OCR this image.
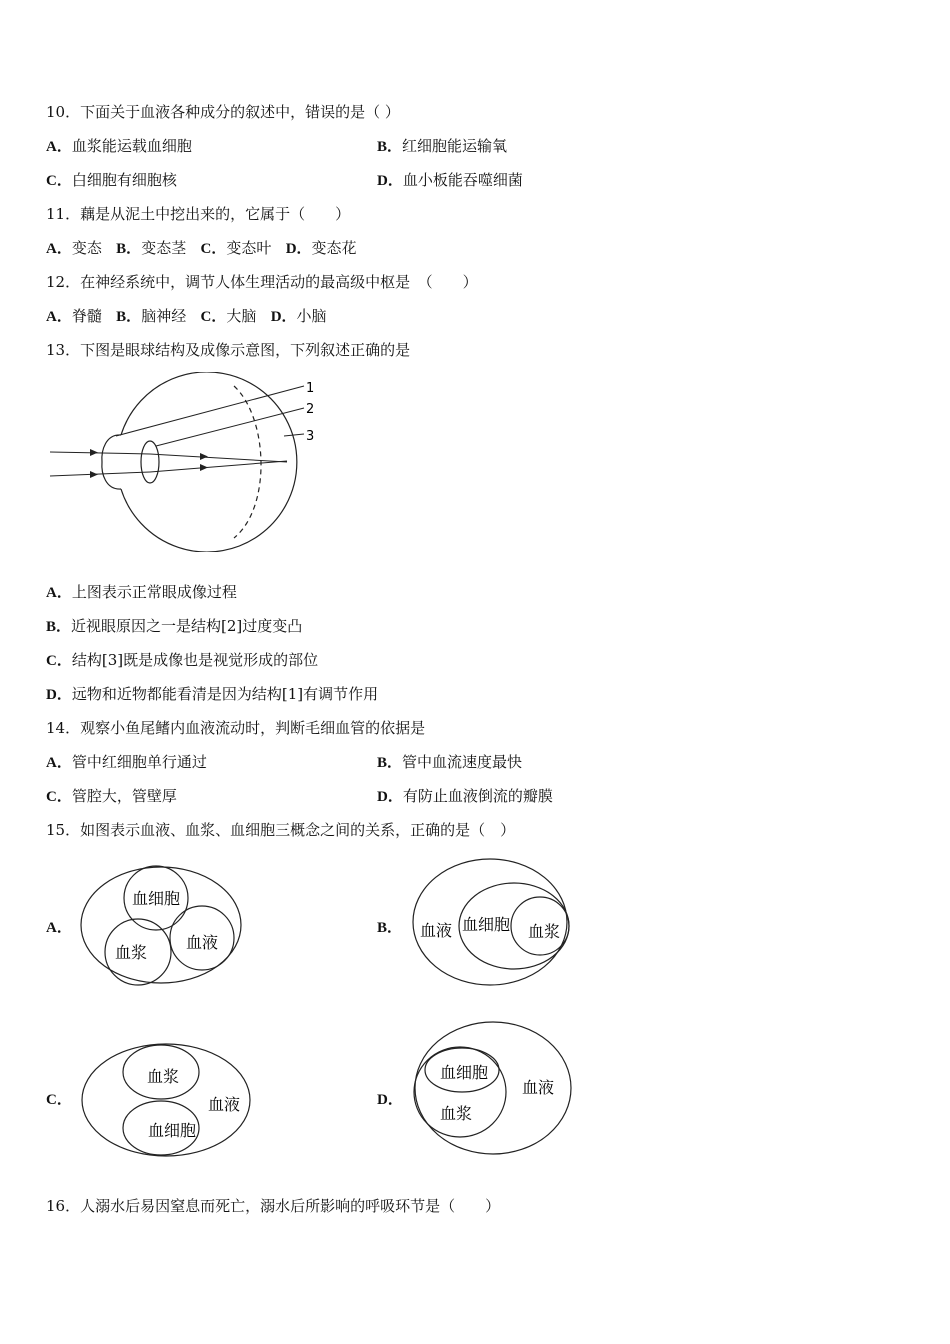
10．下面关于血液各种成分的叙述中，错误的是（ ）
A．血浆能运载血细胞	B．红细胞能运输氧
C．白细胞有细胞核	D．血小板能吞噬细菌
11．藕是从泥土中挖出来的，它属于（　　）
A．变态 B．变态茎 C．变态叶 D．变态花
12．在神经系统中，调节人体生理活动的最高级中枢是　（　　）
A．脊髓 B．脑神经 C．大脑 D．小脑
13．下图是眼球结构及成像示意图，下列叙述正确的是
1
2
3
A．上图表示正常眼成像过程
B．近视眼原因之一是结构[2]过度变凸
C．结构[3]既是成像也是视觉形成的部位
D．远物和近物都能看清是因为结构[1]有调节作用
14．观察小鱼尾鳍内血液流动时，判断毛细血管的依据是
A．管中红细胞单行通过	B．管中血流速度最快
C．管腔大，管壁厚	D．有防止血液倒流的瓣膜
15．如图表示血液、血浆、血细胞三概念之间的关系，正确的是（　）
A．
血细胞
血浆
血液
B． 血液 血细胞 血浆
C．
血浆
血细胞
血液	D．
血细胞
血浆
血液
16．人溺水后易因窒息而死亡，溺水后所影响的呼吸环节是（　　）
